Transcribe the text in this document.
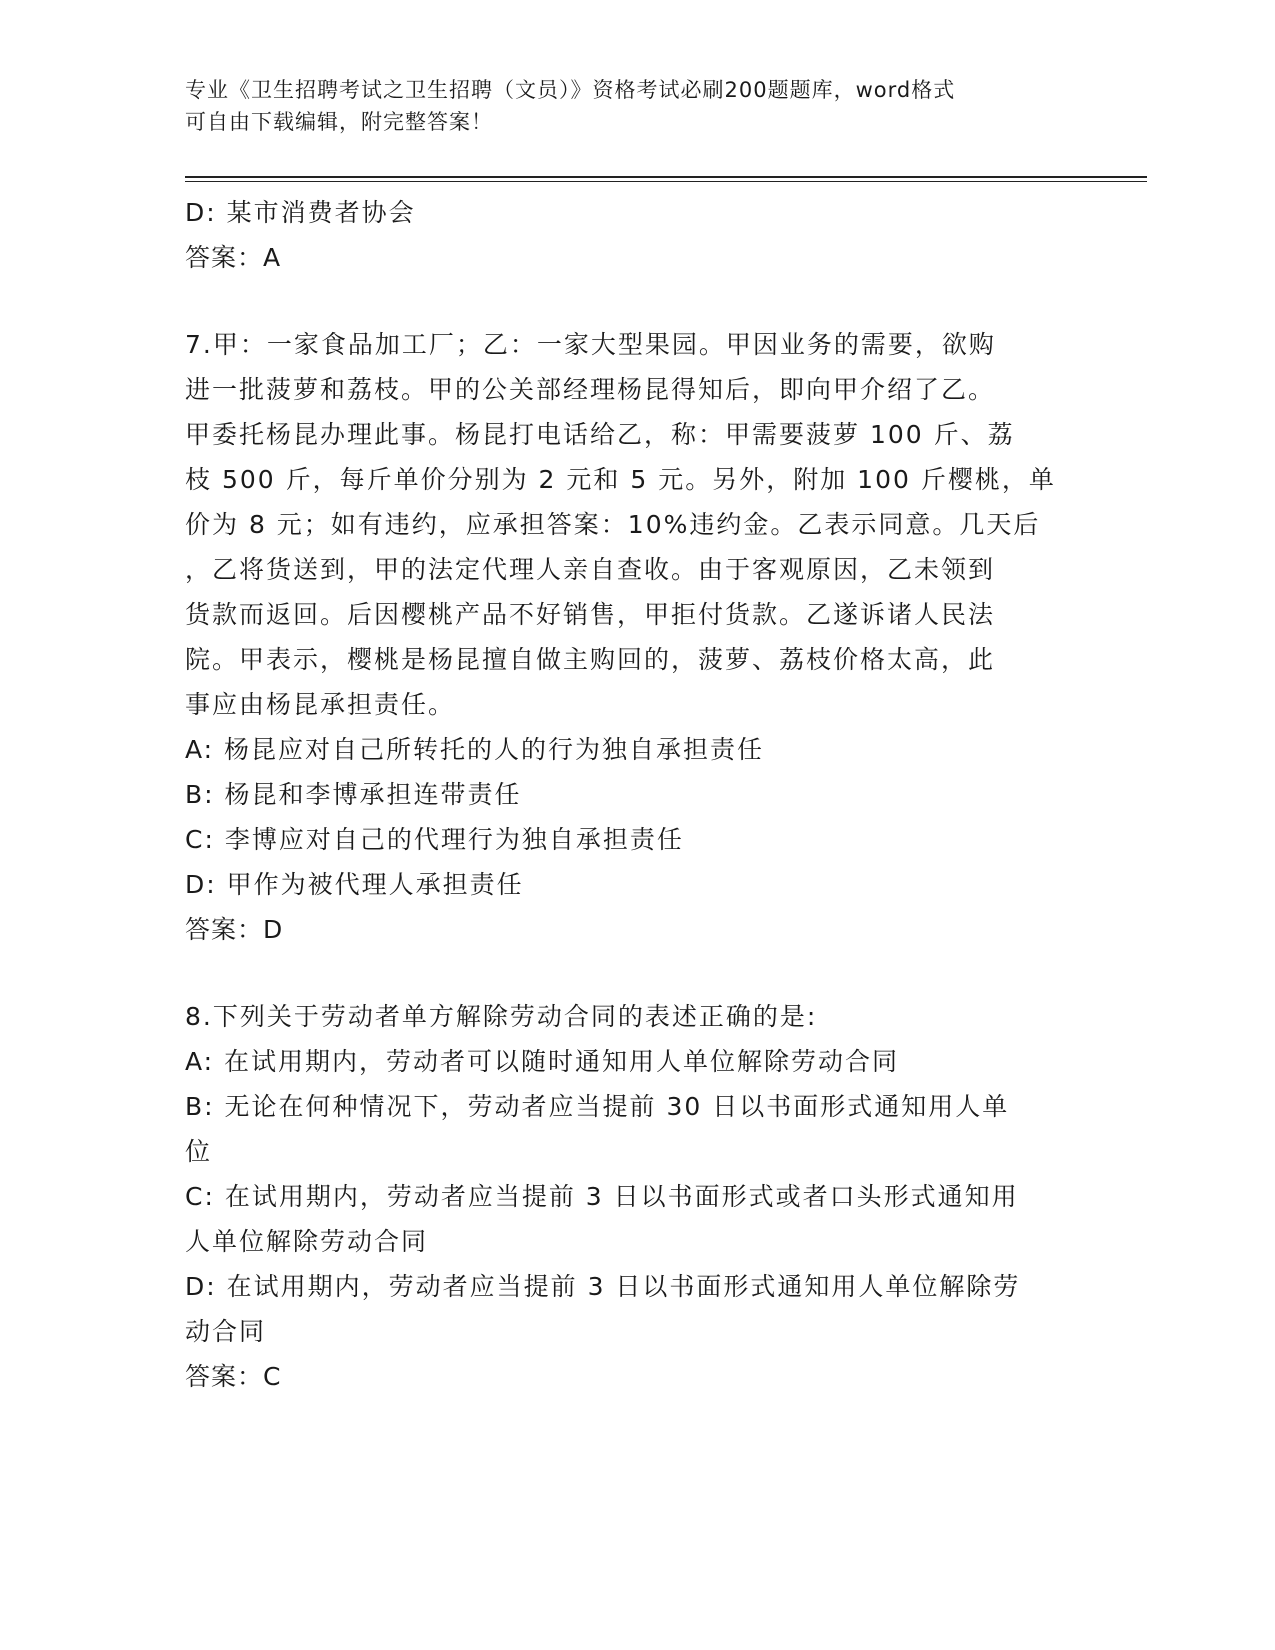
专业《卫生招聘考试之卫生招聘（文员）》资格考试必刷200题题库，word格式
可自由下载编辑，附完整答案！
D: 某市消费者协会
答案：A
7.甲：一家食品加工厂；乙：一家大型果园。甲因业务的需要，欲购
进一批菠萝和荔枝。甲的公关部经理杨昆得知后，即向甲介绍了乙。
甲委托杨昆办理此事。杨昆打电话给乙，称：甲需要菠萝 100 斤、荔
枝 500 斤，每斤单价分别为 2 元和 5 元。另外，附加 100 斤樱桃，单
价为 8 元；如有违约，应承担答案：10%违约金。乙表示同意。几天后
，乙将货送到，甲的法定代理人亲自查收。由于客观原因，乙未领到
货款而返回。后因樱桃产品不好销售，甲拒付货款。乙遂诉诸人民法
院。甲表示，樱桃是杨昆擅自做主购回的，菠萝、荔枝价格太高，此
事应由杨昆承担责任。
A: 杨昆应对自己所转托的人的行为独自承担责任
B: 杨昆和李博承担连带责任
C: 李博应对自己的代理行为独自承担责任
D: 甲作为被代理人承担责任
答案：D
8.下列关于劳动者单方解除劳动合同的表述正确的是:
A: 在试用期内，劳动者可以随时通知用人单位解除劳动合同
B: 无论在何种情况下，劳动者应当提前 30 日以书面形式通知用人单
位
C: 在试用期内，劳动者应当提前 3 日以书面形式或者口头形式通知用
人单位解除劳动合同
D: 在试用期内，劳动者应当提前 3 日以书面形式通知用人单位解除劳
动合同
答案：C
